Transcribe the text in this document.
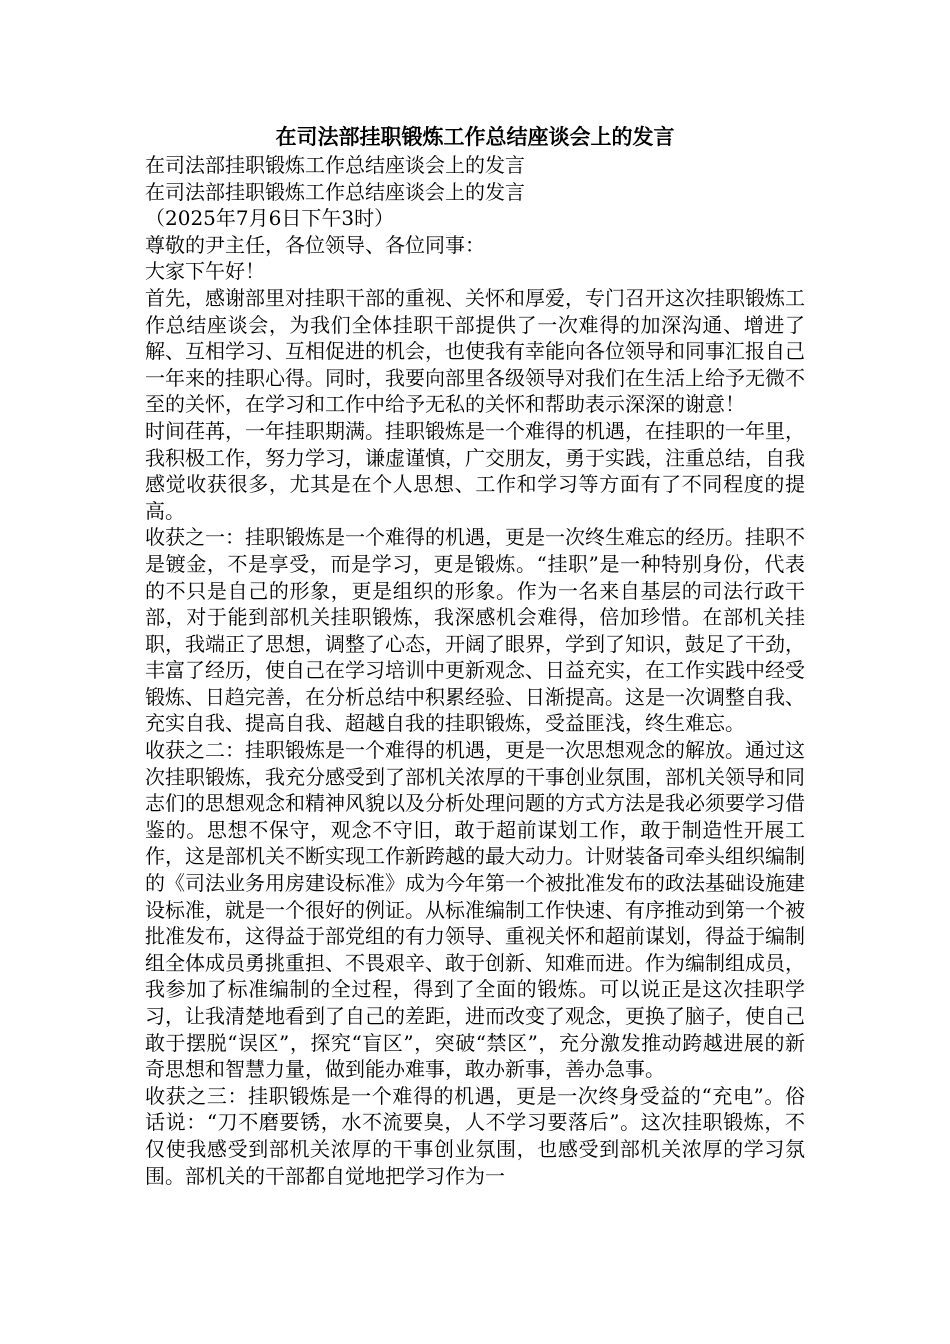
在司法部挂职锻炼工作总结座谈会上的发言
在司法部挂职锻炼工作总结座谈会上的发言
在司法部挂职锻炼工作总结座谈会上的发言
（2025年7月6日下午3时）
尊敬的尹主任，各位领导、各位同事：
大家下午好！

首先，感谢部里对挂职干部的重视、关怀和厚爱，专门召开这次挂职锻炼工作总结座谈会，为我们全体挂职干部提供了一次难得的加深沟通、增进了解、互相学习、互相促进的机会，也使我有幸能向各位领导和同事汇报自己一年来的挂职心得。同时，我要向部里各级领导对我们在生活上给予无微不至的关怀，在学习和工作中给予无私的关怀和帮助表示深深的谢意！

时间荏苒，一年挂职期满。挂职锻炼是一个难得的机遇，在挂职的一年里，我积极工作，努力学习，谦虚谨慎，广交朋友，勇于实践，注重总结，自我感觉收获很多，尤其是在个人思想、工作和学习等方面有了不同程度的提高。

收获之一：挂职锻炼是一个难得的机遇，更是一次终生难忘的经历。挂职不是镀金，不是享受，而是学习，更是锻炼。“挂职”是一种特别身份，代表的不只是自己的形象，更是组织的形象。作为一名来自基层的司法行政干部，对于能到部机关挂职锻炼，我深感机会难得，倍加珍惜。在部机关挂职，我端正了思想，调整了心态，开阔了眼界，学到了知识，鼓足了干劲，丰富了经历，使自己在学习培训中更新观念、日益充实，在工作实践中经受锻炼、日趋完善，在分析总结中积累经验、日渐提高。这是一次调整自我、充实自我、提高自我、超越自我的挂职锻炼，受益匪浅，终生难忘。

收获之二：挂职锻炼是一个难得的机遇，更是一次思想观念的解放。通过这次挂职锻炼，我充分感受到了部机关浓厚的干事创业氛围，部机关领导和同志们的思想观念和精神风貌以及分析处理问题的方式方法是我必须要学习借鉴的。思想不保守，观念不守旧，敢于超前谋划工作，敢于制造性开展工作，这是部机关不断实现工作新跨越的最大动力。计财装备司牵头组织编制的《司法业务用房建设标准》成为今年第一个被批准发布的政法基础设施建设标准，就是一个很好的例证。从标准编制工作快速、有序推动到第一个被批准发布，这得益于部党组的有力领导、重视关怀和超前谋划，得益于编制组全体成员勇挑重担、不畏艰辛、敢于创新、知难而进。作为编制组成员，我参加了标准编制的全过程，得到了全面的锻炼。可以说正是这次挂职学习，让我清楚地看到了自己的差距，进而改变了观念，更换了脑子，使自己敢于摆脱“误区”，探究“盲区”，突破“禁区”，充分激发推动跨越进展的新奇思想和智慧力量，做到能办难事，敢办新事，善办急事。

收获之三：挂职锻炼是一个难得的机遇，更是一次终身受益的“充电”。俗话说：“刀不磨要锈，水不流要臭，人不学习要落后”。这次挂职锻炼，不仅使我感受到部机关浓厚的干事创业氛围，也感受到部机关浓厚的学习氛围。部机关的干部都自觉地把学习作为一
